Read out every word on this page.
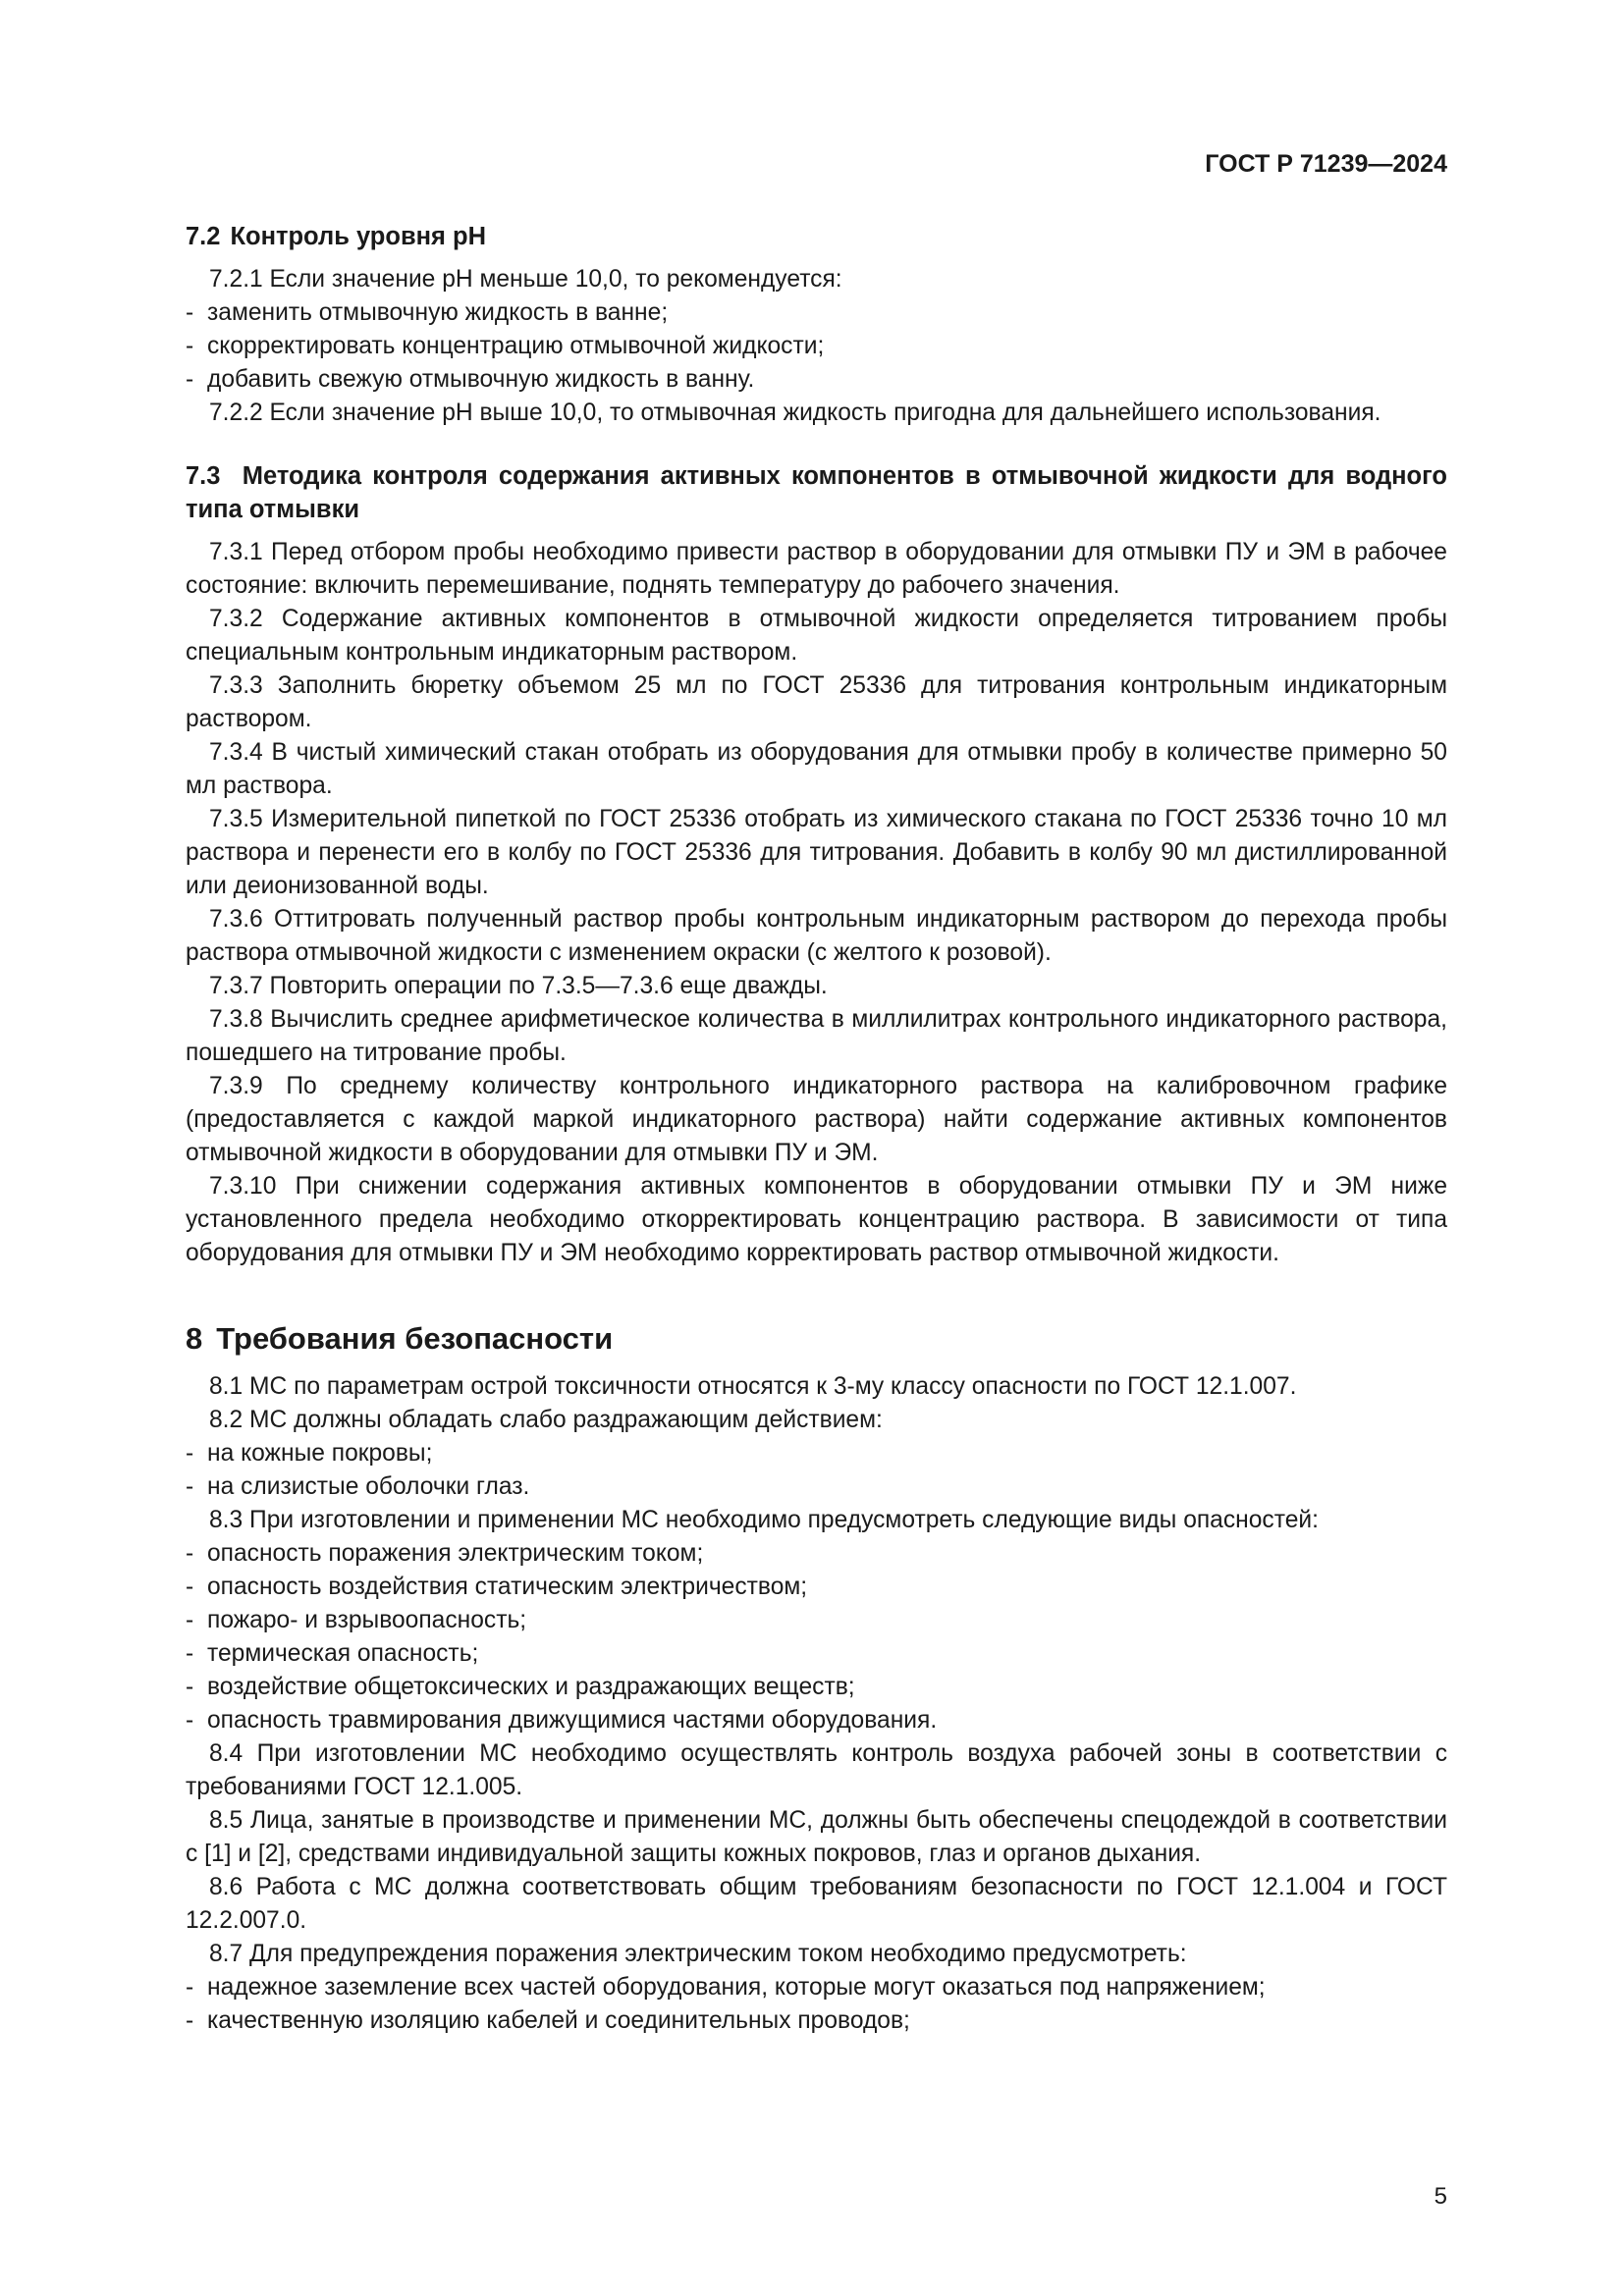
ГОСТ Р 71239—2024
7.2 Контроль уровня рН

7.2.1 Если значение рН меньше 10,0, то рекомендуется:

- заменить отмывочную жидкость в ванне;
- скорректировать концентрацию отмывочной жидкости;
- добавить свежую отмывочную жидкость в ванну.

7.2.2 Если значение рН выше 10,0, то отмывочная жидкость пригодна для дальнейшего использования.

7.3 Методика контроля содержания активных компонентов в отмывочной жидкости для водного типа отмывки

7.3.1 Перед отбором пробы необходимо привести раствор в оборудовании для отмывки ПУ и ЭМ в рабочее состояние: включить перемешивание, поднять температуру до рабочего значения.

7.3.2 Содержание активных компонентов в отмывочной жидкости определяется титрованием пробы специальным контрольным индикаторным раствором.

7.3.3 Заполнить бюретку объемом 25 мл по ГОСТ 25336 для титрования контрольным индикаторным раствором.

7.3.4 В чистый химический стакан отобрать из оборудования для отмывки пробу в количестве примерно 50 мл раствора.

7.3.5 Измерительной пипеткой по ГОСТ 25336 отобрать из химического стакана по ГОСТ 25336 точно 10 мл раствора и перенести его в колбу по ГОСТ 25336 для титрования. Добавить в колбу 90 мл дистиллированной или деионизованной воды.

7.3.6 Оттитровать полученный раствор пробы контрольным индикаторным раствором до перехода пробы раствора отмывочной жидкости с изменением окраски (с желтого к розовой).

7.3.7 Повторить операции по 7.3.5—7.3.6 еще дважды.

7.3.8 Вычислить среднее арифметическое количества в миллилитрах контрольного индикаторного раствора, пошедшего на титрование пробы.

7.3.9 По среднему количеству контрольного индикаторного раствора на калибровочном графике (предоставляется с каждой маркой индикаторного раствора) найти содержание активных компонентов отмывочной жидкости в оборудовании для отмывки ПУ и ЭМ.

7.3.10 При снижении содержания активных компонентов в оборудовании отмывки ПУ и ЭМ ниже установленного предела необходимо откорректировать концентрацию раствора. В зависимости от типа оборудования для отмывки ПУ и ЭМ необходимо корректировать раствор отмывочной жидкости.

8 Требования безопасности

8.1 МС по параметрам острой токсичности относятся к 3-му классу опасности по ГОСТ 12.1.007.

8.2 МС должны обладать слабо раздражающим действием:

- на кожные покровы;
- на слизистые оболочки глаз.

8.3 При изготовлении и применении МС необходимо предусмотреть следующие виды опасностей:

- опасность поражения электрическим током;
- опасность воздействия статическим электричеством;
- пожаро- и взрывоопасность;
- термическая опасность;
- воздействие общетоксических и раздражающих веществ;
- опасность травмирования движущимися частями оборудования.

8.4 При изготовлении МС необходимо осуществлять контроль воздуха рабочей зоны в соответствии с требованиями ГОСТ 12.1.005.

8.5 Лица, занятые в производстве и применении МС, должны быть обеспечены спецодеждой в соответствии с [1] и [2], средствами индивидуальной защиты кожных покровов, глаз и органов дыхания.

8.6 Работа с МС должна соответствовать общим требованиям безопасности по ГОСТ 12.1.004 и ГОСТ 12.2.007.0.

8.7 Для предупреждения поражения электрическим током необходимо предусмотреть:

- надежное заземление всех частей оборудования, которые могут оказаться под напряжением;
- качественную изоляцию кабелей и соединительных проводов;
5
